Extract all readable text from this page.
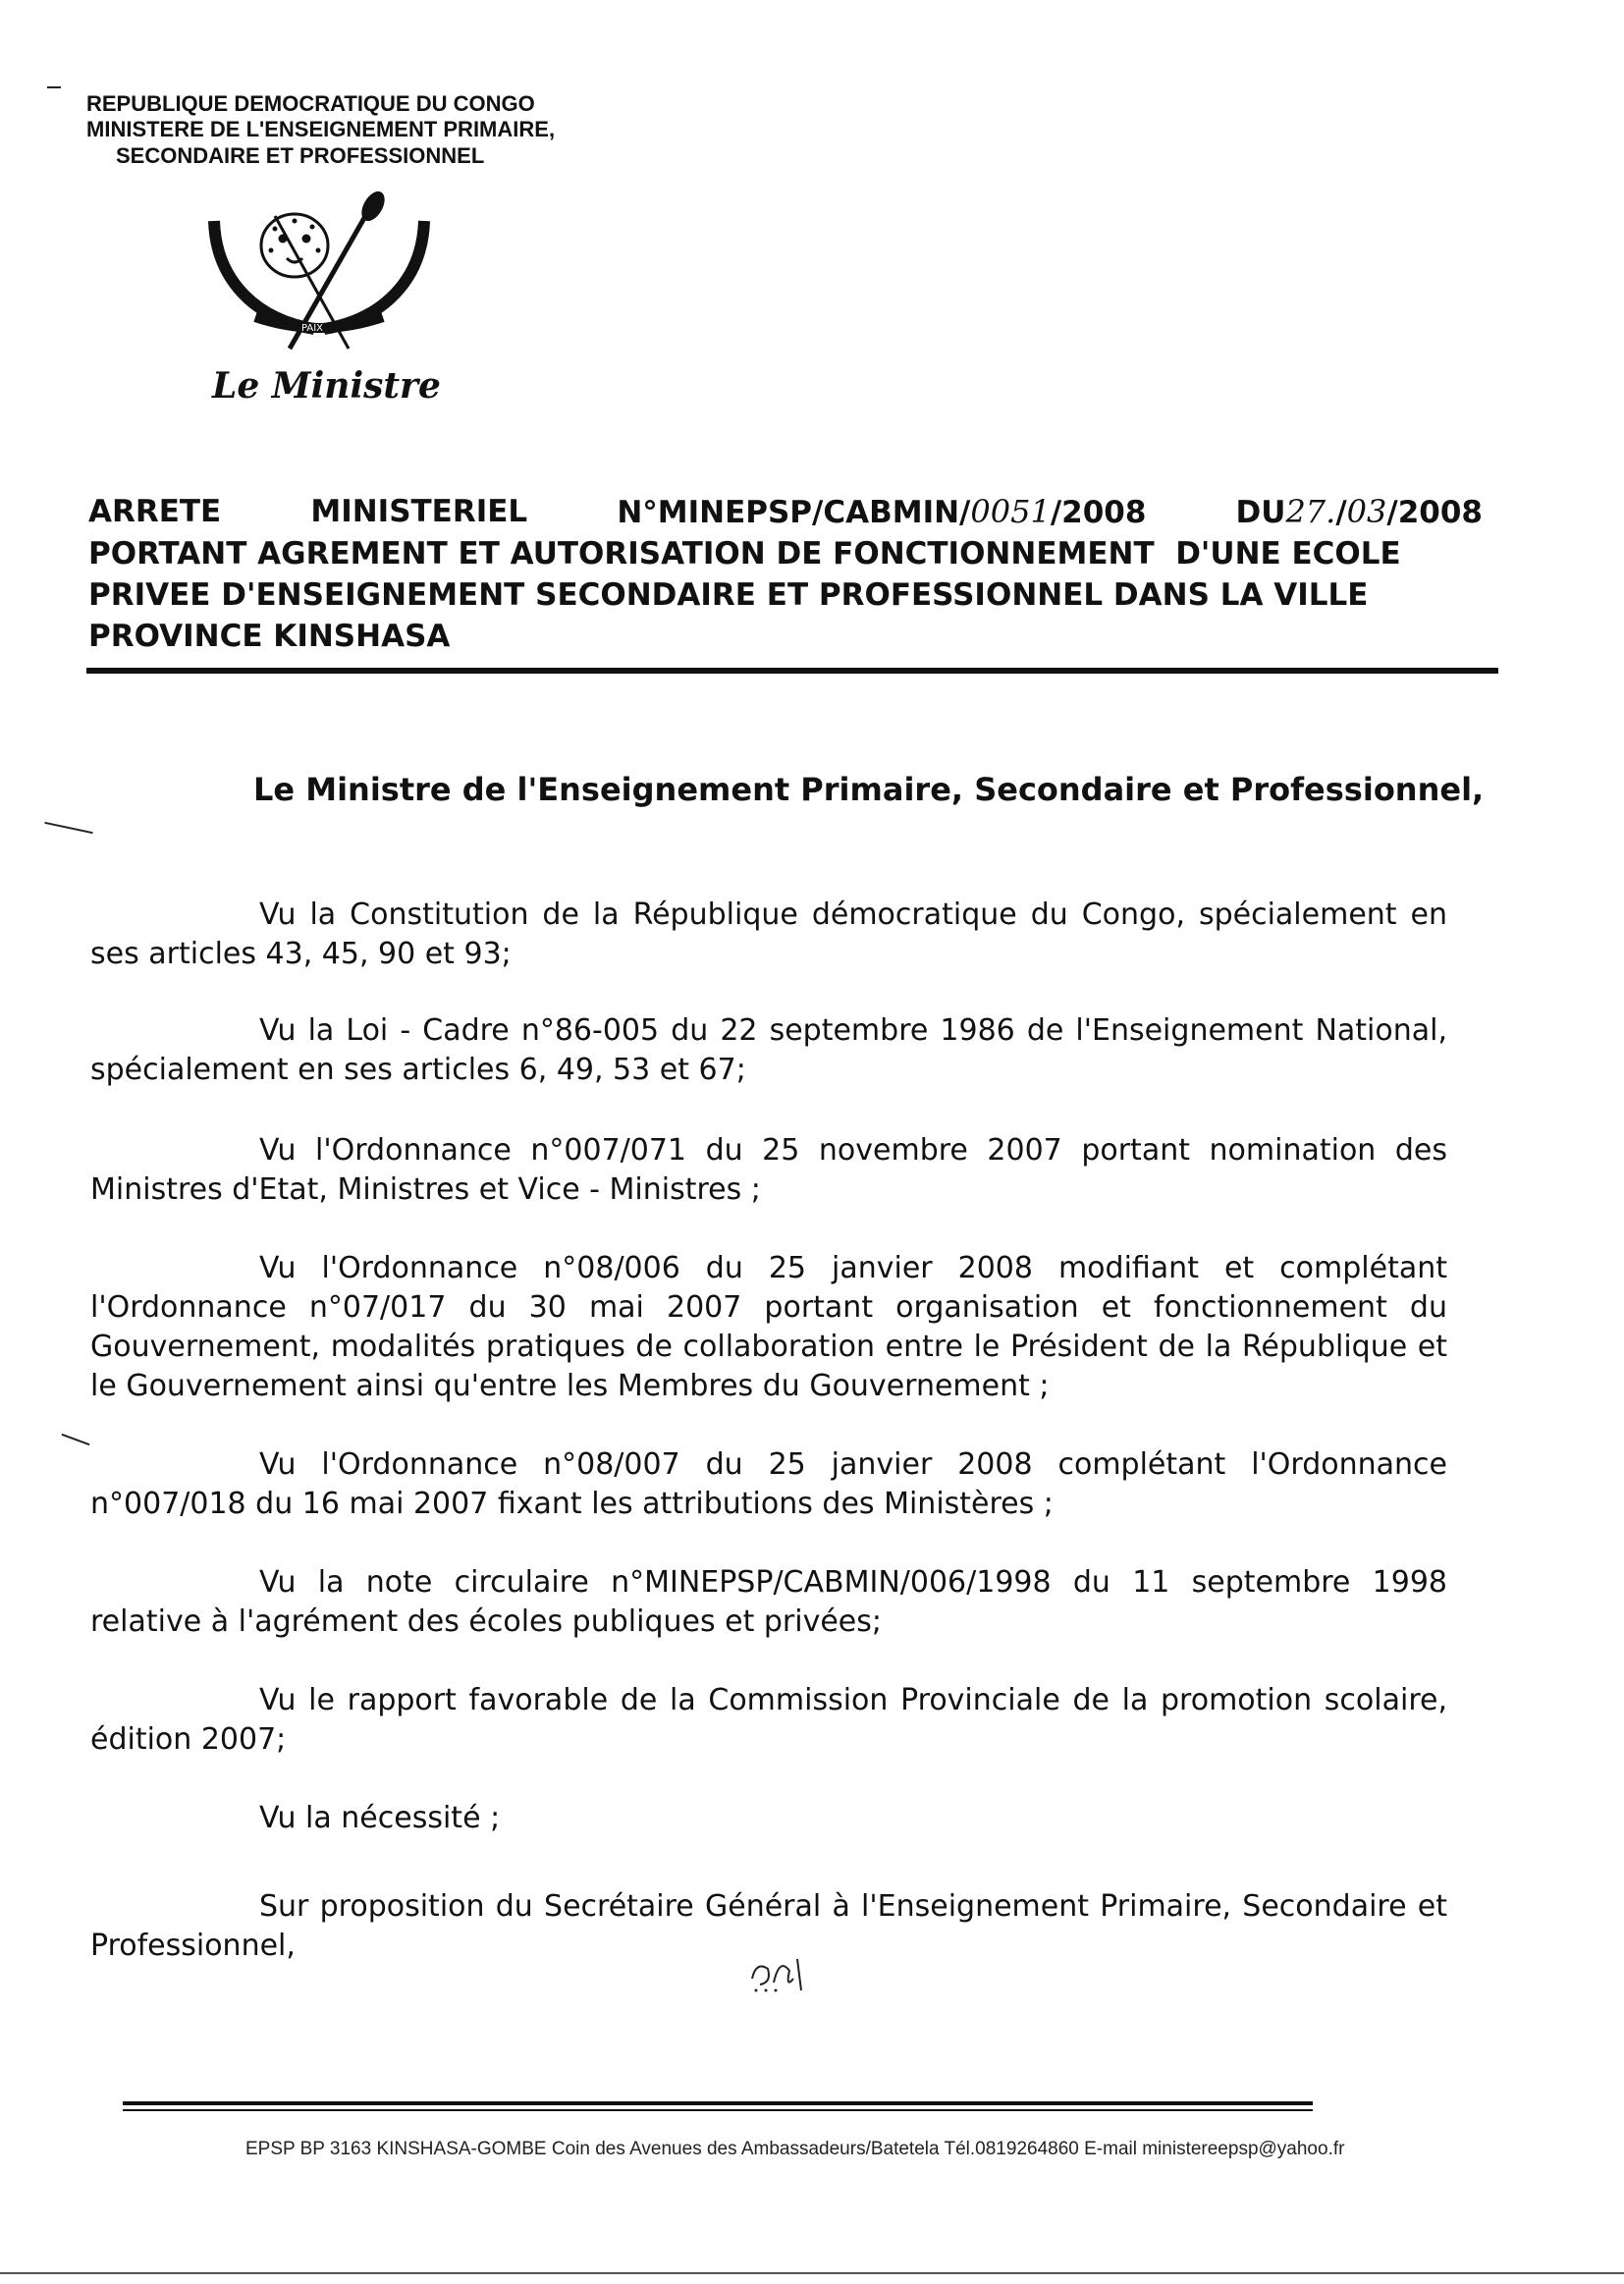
REPUBLIQUE DEMOCRATIQUE DU CONGO
MINISTERE DE L'ENSEIGNEMENT PRIMAIRE,
SECONDAIRE ET PROFESSIONNEL
PAIX
Le Ministre
ARRETE	MINISTERIEL	N°MINEPSP/CABMIN/0051/2008	DU27./03/2008
PORTANT AGREMENT ET AUTORISATION DE FONCTIONNEMENT  D'UNE ECOLE
PRIVEE D'ENSEIGNEMENT SECONDAIRE ET PROFESSIONNEL DANS LA VILLE
PROVINCE KINSHASA
Le Ministre de l'Enseignement Primaire, Secondaire et Professionnel,

Vu la Constitution de la République démocratique du Congo, spécialement en ses articles 43, 45, 90 et 93;

Vu la Loi - Cadre n°86-005 du 22 septembre 1986 de l'Enseignement National, spécialement en ses articles 6, 49, 53 et 67;

Vu l'Ordonnance n°007/071 du 25 novembre 2007 portant nomination des Ministres d'Etat, Ministres et Vice - Ministres ;

Vu l'Ordonnance n°08/006 du 25 janvier 2008 modifiant et complétant l'Ordonnance n°07/017 du 30 mai 2007 portant organisation et fonctionnement du Gouvernement, modalités pratiques de collaboration entre le Président de la République et le Gouvernement ainsi qu'entre les Membres du Gouvernement ;

Vu l'Ordonnance n°08/007 du 25 janvier 2008 complétant l'Ordonnance n°007/018 du 16 mai 2007 fixant les attributions des Ministères ;

Vu la note circulaire n°MINEPSP/CABMIN/006/1998 du 11 septembre 1998 relative à l'agrément des écoles publiques et privées;

Vu le rapport favorable de la Commission Provinciale de la promotion scolaire, édition 2007;

Vu la nécessité ;

Sur proposition du Secrétaire Général à l'Enseignement Primaire, Secondaire et Professionnel,

EPSP BP 3163 KINSHASA-GOMBE Coin des Avenues des Ambassadeurs/Batetela Tél.0819264860 E-mail ministereepsp@yahoo.fr
